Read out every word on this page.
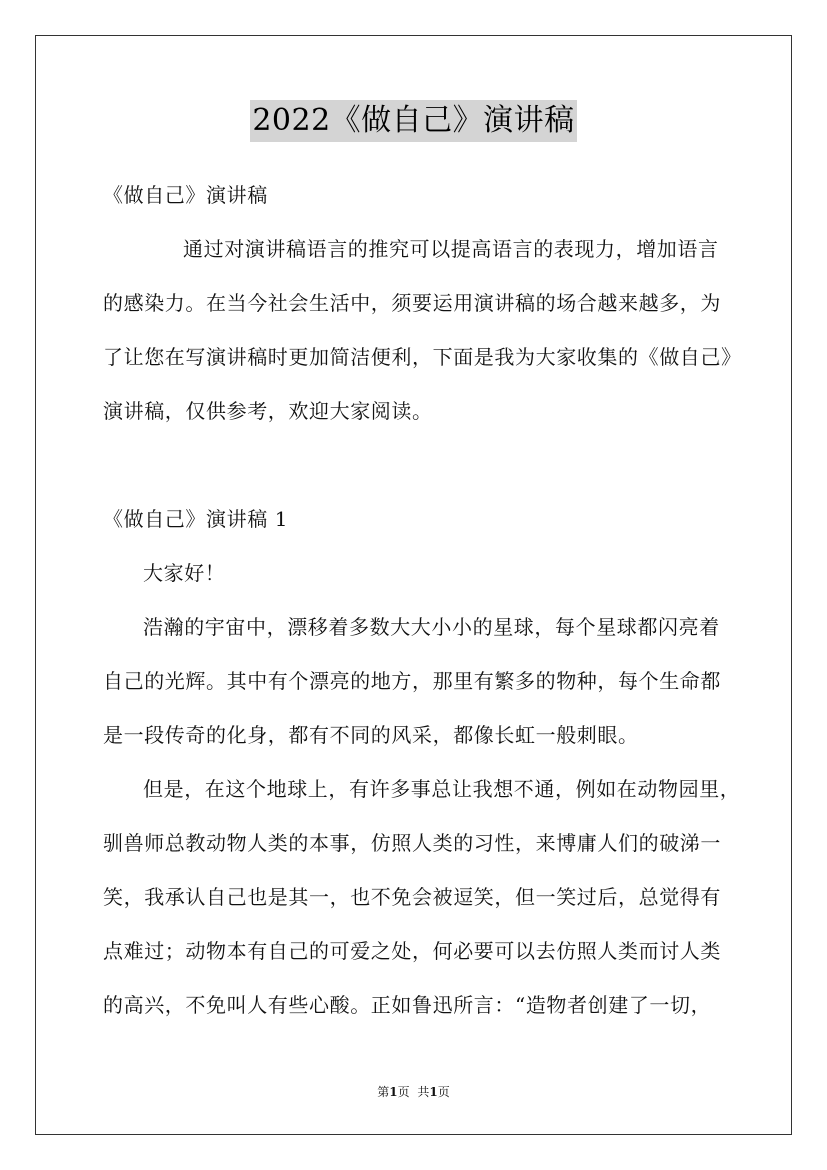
2022《做自己》演讲稿
《做自己》演讲稿
通过对演讲稿语言的推究可以提高语言的表现力，增加语言
的感染力。在当今社会生活中，须要运用演讲稿的场合越来越多，为
了让您在写演讲稿时更加简洁便利，下面是我为大家收集的《做自己》
演讲稿，仅供参考，欢迎大家阅读。
《做自己》演讲稿 1
大家好！
浩瀚的宇宙中，漂移着多数大大小小的星球，每个星球都闪亮着
自己的光辉。其中有个漂亮的地方，那里有繁多的物种，每个生命都
是一段传奇的化身，都有不同的风采，都像长虹一般刺眼。
但是，在这个地球上，有许多事总让我想不通，例如在动物园里，
驯兽师总教动物人类的本事，仿照人类的习性，来博庸人们的破涕一
笑，我承认自己也是其一，也不免会被逗笑，但一笑过后，总觉得有
点难过；动物本有自己的可爱之处，何必要可以去仿照人类而讨人类
的高兴，不免叫人有些心酸。正如鲁迅所言：“造物者创建了一切，
第1页 共1页
